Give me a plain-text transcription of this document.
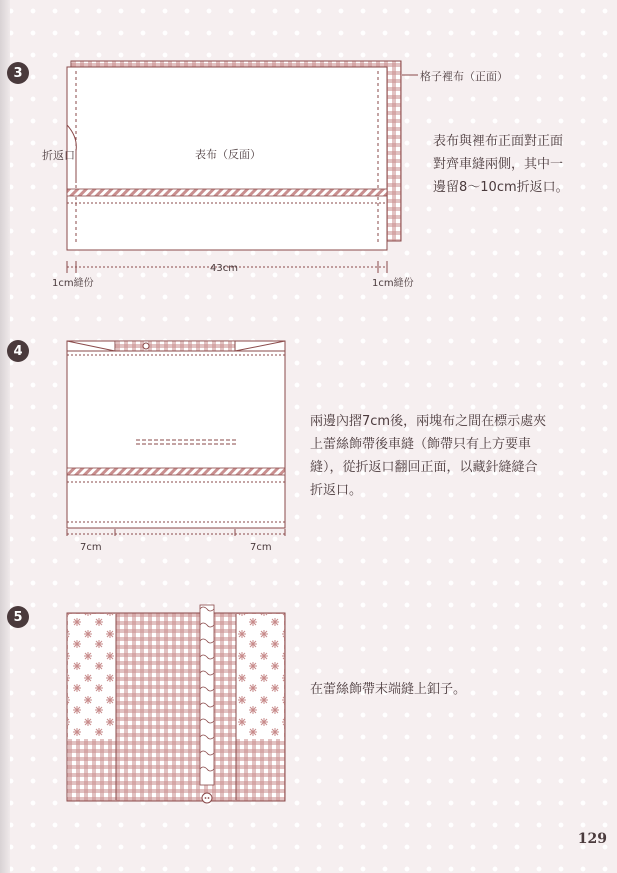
3	格子裡布（正面）
表布（反面）
折返口
1cm縫份
43cm
1cm縫份
表布與裡布正面對正面
對齊車縫兩側，其中一
邊留8～10cm折返口。
4
7cm	7cm
兩邊內摺7cm後，兩塊布之間在標示處夾
上蕾絲飾帶後車縫（飾帶只有上方要車
縫），從折返口翻回正面，以藏針縫縫合
折返口。
5
在蕾絲飾帶末端縫上釦子。
129
